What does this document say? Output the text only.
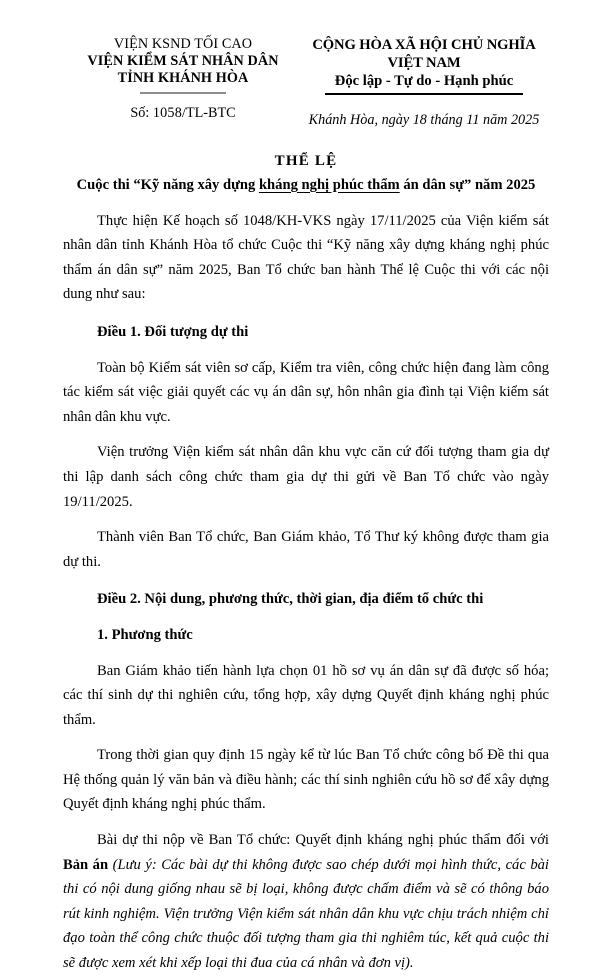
VIỆN KSND TỐI CAO
VIỆN KIỂM SÁT NHÂN DÂN
TỈNH KHÁNH HÒA
Số: 1058/TL-BTC
CỘNG HÒA XÃ HỘI CHỦ NGHĨA VIỆT NAM
Độc lập - Tự do - Hạnh phúc
Khánh Hòa, ngày 18 tháng 11 năm 2025
THỂ LỆ
Cuộc thi “Kỹ năng xây dựng kháng nghị phúc thẩm án dân sự” năm 2025

Thực hiện Kế hoạch số 1048/KH-VKS ngày 17/11/2025 của Viện kiểm sát nhân dân tỉnh Khánh Hòa tổ chức Cuộc thi “Kỹ năng xây dựng kháng nghị phúc thẩm án dân sự” năm 2025, Ban Tổ chức ban hành Thể lệ Cuộc thi với các nội dung như sau:

Điều 1. Đối tượng dự thi

Toàn bộ Kiểm sát viên sơ cấp, Kiểm tra viên, công chức hiện đang làm công tác kiểm sát việc giải quyết các vụ án dân sự, hôn nhân gia đình tại Viện kiểm sát nhân dân khu vực.

Viện trưởng Viện kiểm sát nhân dân khu vực căn cứ đối tượng tham gia dự thi lập danh sách công chức tham gia dự thi gửi về Ban Tổ chức vào ngày 19/11/2025.

Thành viên Ban Tổ chức, Ban Giám khảo, Tổ Thư ký không được tham gia dự thi.

Điều 2. Nội dung, phương thức, thời gian, địa điểm tổ chức thi

1. Phương thức

Ban Giám khảo tiến hành lựa chọn 01 hồ sơ vụ án dân sự đã được số hóa; các thí sinh dự thi nghiên cứu, tổng hợp, xây dựng Quyết định kháng nghị phúc thẩm.

Trong thời gian quy định 15 ngày kể từ lúc Ban Tổ chức công bố Đề thi qua Hệ thống quản lý văn bản và điều hành; các thí sinh nghiên cứu hồ sơ để xây dựng Quyết định kháng nghị phúc thẩm.

Bài dự thi nộp về Ban Tổ chức: Quyết định kháng nghị phúc thẩm đối với Bản án (Lưu ý: Các bài dự thi không được sao chép dưới mọi hình thức, các bài thi có nội dung giống nhau sẽ bị loại, không được chấm điểm và sẽ có thông báo rút kinh nghiệm. Viện trưởng Viện kiểm sát nhân dân khu vực chịu trách nhiệm chỉ đạo toàn thể công chức thuộc đối tượng tham gia thi nghiêm túc, kết quả cuộc thi sẽ được xem xét khi xếp loại thi đua của cá nhân và đơn vị).
